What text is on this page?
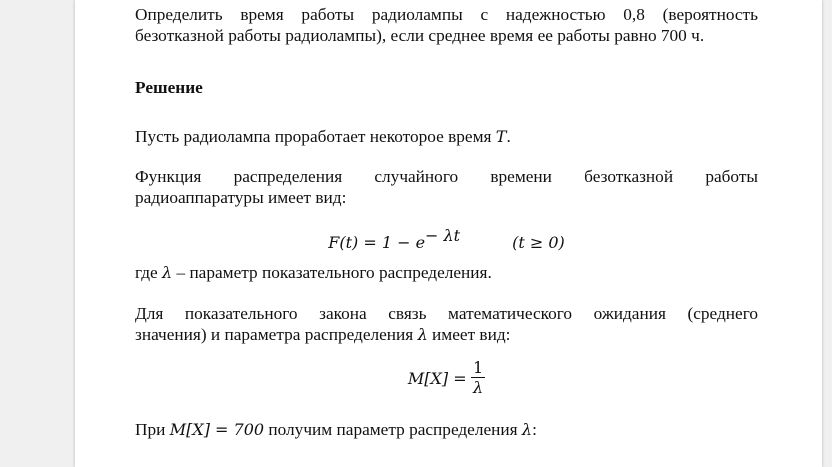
Определить время работы радиолампы с надежностью 0,8 (вероятность

безотказной работы радиолампы), если среднее время ее работы равно 700 ч.

Решение

Пусть радиолампа проработает некоторое время T.

Функция распределения случайного времени безотказной работы

радиоаппаратуры имеет вид:

$F(t) = 1 - e^{- \lambda t}$	(t ≥ 0)

где λ – параметр показательного распределения.

Для показательного закона связь математического ожидания (среднего

значения) и параметра распределения λ имеет вид:

$M[X] = \frac{1}{\lambda}$

При M[X] = 700 получим параметр распределения λ:
